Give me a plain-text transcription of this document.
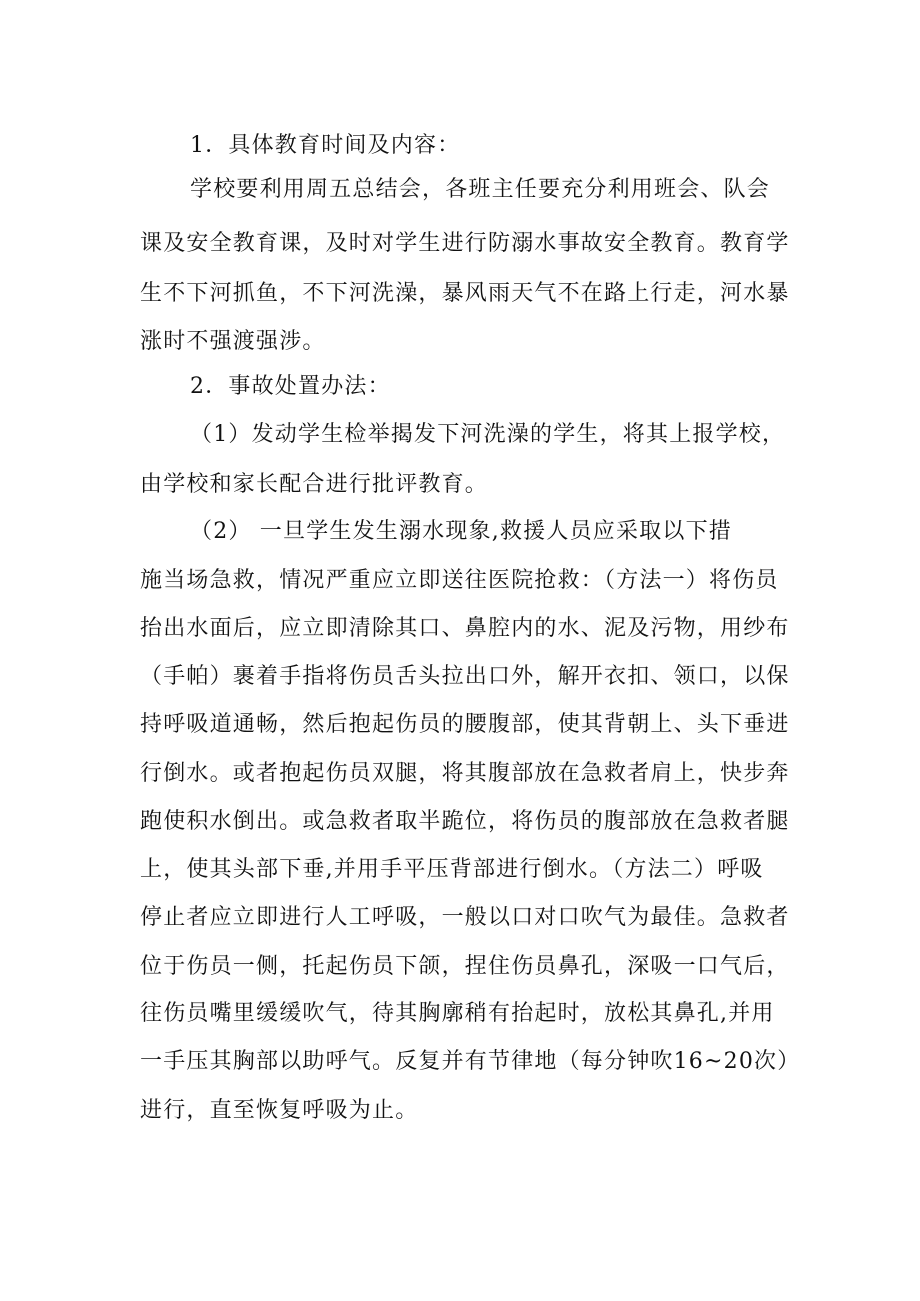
1．具体教育时间及内容：
学校要利用周五总结会，各班主任要充分利用班会、队会
课及安全教育课，及时对学生进行防溺水事故安全教育。教育学
生不下河抓鱼，不下河洗澡，暴风雨天气不在路上行走，河水暴
涨时不强渡强涉。
2．事故处置办法：
（1）发动学生检举揭发下河洗澡的学生，将其上报学校，
由学校和家长配合进行批评教育。
（2） 一旦学生发生溺水现象,救援人员应采取以下措
施当场急救，情况严重应立即送往医院抢救：（方法一）将伤员
抬出水面后，应立即清除其口、鼻腔内的水、泥及污物，用纱布
（手帕）裹着手指将伤员舌头拉出口外，解开衣扣、领口，以保
持呼吸道通畅，然后抱起伤员的腰腹部，使其背朝上、头下垂进
行倒水。或者抱起伤员双腿，将其腹部放在急救者肩上，快步奔
跑使积水倒出。或急救者取半跪位，将伤员的腹部放在急救者腿
上，使其头部下垂,并用手平压背部进行倒水。（方法二）呼吸
停止者应立即进行人工呼吸，一般以口对口吹气为最佳。急救者
位于伤员一侧，托起伤员下颌，捏住伤员鼻孔，深吸一口气后，
往伤员嘴里缓缓吹气，待其胸廓稍有抬起时，放松其鼻孔,并用
一手压其胸部以助呼气。反复并有节律地（每分钟吹16~20次）
进行，直至恢复呼吸为止。
